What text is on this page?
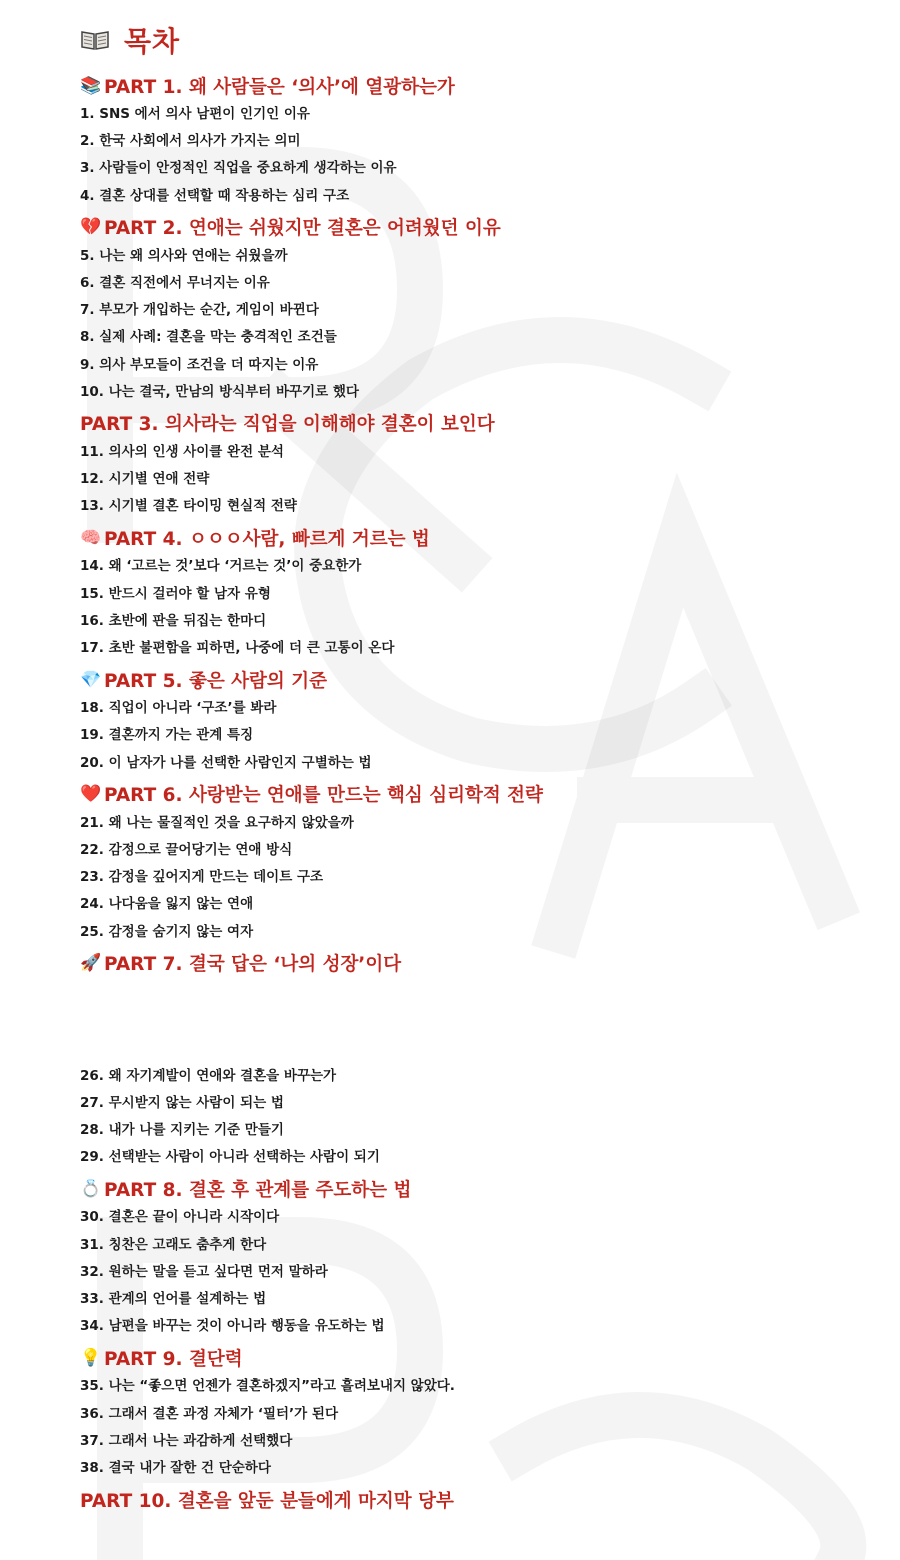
목차
📚 PART 1. 왜 사람들은 ‘의사’에 열광하는가
1. SNS 에서 의사 남편이 인기인 이유
2. 한국 사회에서 의사가 가지는 의미
3. 사람들이 안정적인 직업을 중요하게 생각하는 이유
4. 결혼 상대를 선택할 때 작용하는 심리 구조
💔 PART 2. 연애는 쉬웠지만 결혼은 어려웠던 이유
5. 나는 왜 의사와 연애는 쉬웠을까
6. 결혼 직전에서 무너지는 이유
7. 부모가 개입하는 순간, 게임이 바뀐다
8. 실제 사례: 결혼을 막는 충격적인 조건들
9. 의사 부모들이 조건을 더 따지는 이유
10. 나는 결국, 만남의 방식부터 바꾸기로 했다
PART 3. 의사라는 직업을 이해해야 결혼이 보인다
11. 의사의 인생 사이클 완전 분석
12. 시기별 연애 전략
13. 시기별 결혼 타이밍 현실적 전략
🧠 PART 4. ㅇㅇㅇ사람, 빠르게 거르는 법
14. 왜 ‘고르는 것’보다 ‘거르는 것’이 중요한가
15. 반드시 걸러야 할 남자 유형
16. 초반에 판을 뒤집는 한마디
17. 초반 불편함을 피하면, 나중에 더 큰 고통이 온다
💎 PART 5. 좋은 사람의 기준
18. 직업이 아니라 ‘구조’를 봐라
19. 결혼까지 가는 관계 특징
20. 이 남자가 나를 선택한 사람인지 구별하는 법
❤️ PART 6. 사랑받는 연애를 만드는 핵심 심리학적 전략
21. 왜 나는 물질적인 것을 요구하지 않았을까
22. 감정으로 끌어당기는 연애 방식
23. 감정을 깊어지게 만드는 데이트 구조
24. 나다움을 잃지 않는 연애
25. 감정을 숨기지 않는 여자
🚀 PART 7. 결국 답은 ‘나의 성장’이다
26. 왜 자기계발이 연애와 결혼을 바꾸는가
27. 무시받지 않는 사람이 되는 법
28. 내가 나를 지키는 기준 만들기
29. 선택받는 사람이 아니라 선택하는 사람이 되기
💍 PART 8. 결혼 후 관계를 주도하는 법
30. 결혼은 끝이 아니라 시작이다
31. 칭찬은 고래도 춤추게 한다
32. 원하는 말을 듣고 싶다면 먼저 말하라
33. 관계의 언어를 설계하는 법
34. 남편을 바꾸는 것이 아니라 행동을 유도하는 법
💡 PART 9. 결단력
35. 나는 “좋으면 언젠가 결혼하겠지”라고 흘려보내지 않았다.
36. 그래서 결혼 과정 자체가 ‘필터’가 된다
37. 그래서 나는 과감하게 선택했다
38. 결국 내가 잘한 건 단순하다
PART 10. 결혼을 앞둔 분들에게 마지막 당부
